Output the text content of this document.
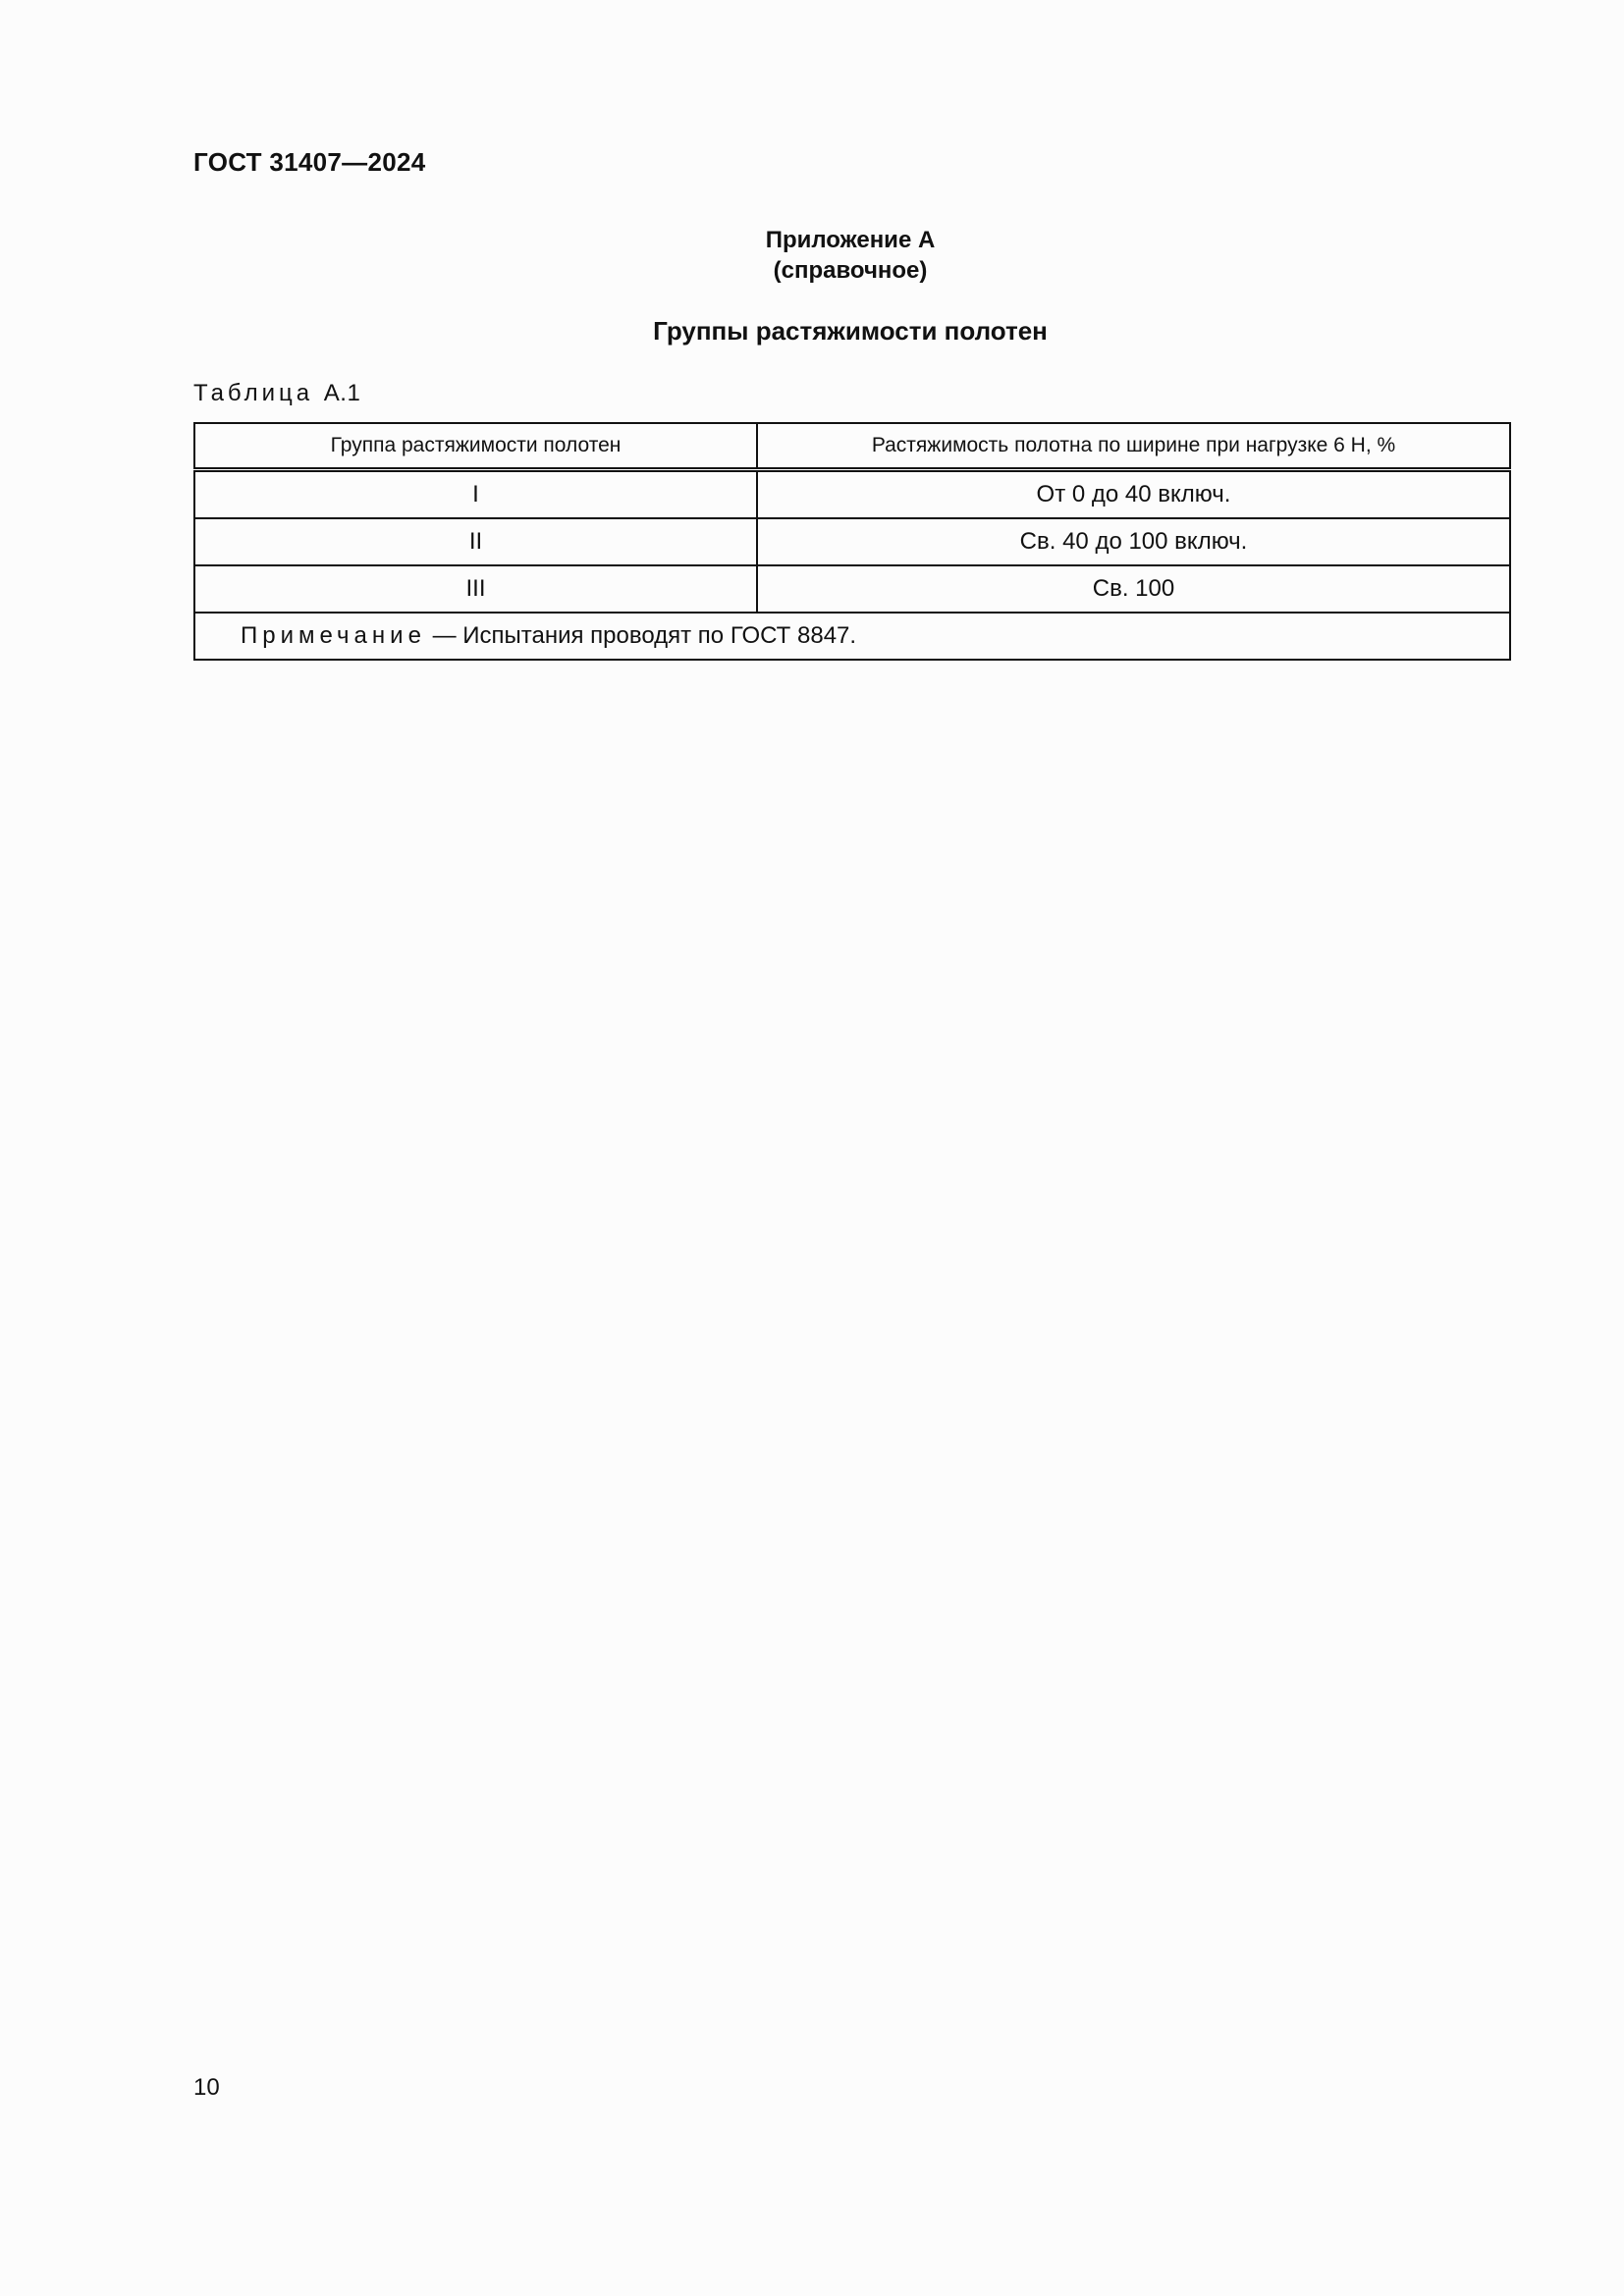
ГОСТ 31407—2024
Приложение А
(справочное)
Группы растяжимости полотен
Таблица А.1
Группа растяжимости полотен	Растяжимость полотна по ширине при нагрузке 6 Н, %
I	От 0 до 40 включ.
II	Св. 40 до 100 включ.
III	Св. 100
Примечание — Испытания проводят по ГОСТ 8847.	
10
